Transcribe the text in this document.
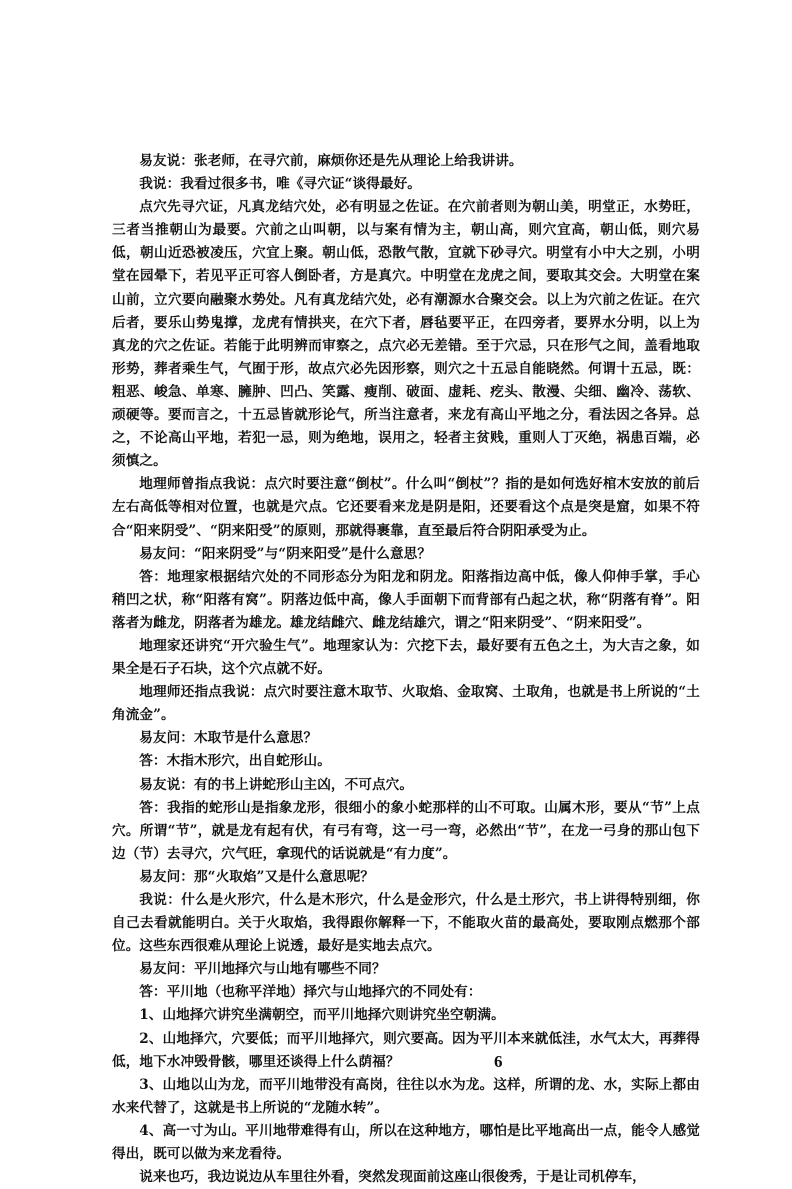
易友说：张老师，在寻穴前，麻烦你还是先从理论上给我讲讲。

我说：我看过很多书，唯《寻穴证“谈得最好。

点穴先寻穴证，凡真龙结穴处，必有明显之佐证。在穴前者则为朝山美，明堂正，水势旺，三者当推朝山为最要。穴前之山叫朝，以与案有情为主，朝山高，则穴宜高，朝山低，则穴易低，朝山近恐被凌压，穴宜上聚。朝山低，恐散气散，宜就下砂寻穴。明堂有小中大之别，小明堂在园晕下，若见平正可容人倒卧者，方是真穴。中明堂在龙虎之间，要取其交会。大明堂在案山前，立穴要向融聚水势处。凡有真龙结穴处，必有潮源水合聚交会。以上为穴前之佐证。在穴后者，要乐山势鬼撑，龙虎有情拱夹，在穴下者，唇毡要平正，在四旁者，要界水分明，以上为真龙的穴之佐证。若能于此明辨而审察之，点穴必无差错。至于穴忌，只在形气之间，盖看地取形势，葬者乘生气，气囿于形，故点穴必先因形察，则穴之十五忌自能晓然。何谓十五忌，既：粗恶、峻急、单寒、臃肿、凹凸、笑露、瘦削、破面、虚耗、疙头、散漫、尖细、幽冷、荡软、顽硬等。要而言之，十五忌皆就形论气，所当注意者，来龙有高山平地之分，看法因之各异。总之，不论高山平地，若犯一忌，则为绝地，误用之，轻者主贫贱，重则人丁灭绝，祸患百端，必须慎之。

地理师曾指点我说：点穴时要注意“倒杖”。什么叫“倒杖”？指的是如何选好棺木安放的前后左右高低等相对位置，也就是穴点。它还要看来龙是阴是阳，还要看这个点是突是窟，如果不符合“阳来阴受”、“阴来阳受”的原则，那就得裹靠，直至最后符合阴阳承受为止。

易友问：“阳来阴受”与“阴来阳受”是什么意思？

答：地理家根据结穴处的不同形态分为阳龙和阴龙。阳落指边高中低，像人仰伸手掌，手心稍凹之状，称“阳落有窝”。阴落边低中高，像人手面朝下而背部有凸起之状，称“阴落有脊”。阳落者为雌龙，阴落者为雄龙。雄龙结雌穴、雌龙结雄穴，谓之“阳来阴受”、“阴来阳受”。

地理家还讲究“开穴验生气”。地理家认为：穴挖下去，最好要有五色之土，为大吉之象，如果全是石子石块，这个穴点就不好。

地理师还指点我说：点穴时要注意木取节、火取焰、金取窝、土取角，也就是书上所说的“土角流金”。

易友问：木取节是什么意思？

答：木指木形穴，出自蛇形山。

易友说：有的书上讲蛇形山主凶，不可点穴。

答：我指的蛇形山是指象龙形，很细小的象小蛇那样的山不可取。山属木形，要从“节”上点穴。所谓“节”，就是龙有起有伏，有弓有弯，这一弓一弯，必然出“节”，在龙一弓身的那山包下边（节）去寻穴，穴气旺，拿现代的话说就是“有力度”。

易友问：那“火取焰”又是什么意思呢？

我说：什么是火形穴，什么是木形穴，什么是金形穴，什么是土形穴，书上讲得特别细，你自己去看就能明白。关于火取焰，我得跟你解释一下，不能取火苗的最高处，要取刚点燃那个部位。这些东西很难从理论上说透，最好是实地去点穴。

易友问：平川地择穴与山地有哪些不同？

答：平川地（也称平洋地）择穴与山地择穴的不同处有：

1、山地择穴讲究坐满朝空，而平川地择穴则讲究坐空朝满。

2、山地择穴，穴要低；而平川地择穴，则穴要高。因为平川本来就低洼，水气太大，再葬得低，地下水冲毁骨骸，哪里还谈得上什么荫福？

3、山地以山为龙，而平川地带没有高岗，往往以水为龙。这样，所谓的龙、水，实际上都由水来代替了，这就是书上所说的“龙随水转”。

4、高一寸为山。平川地带难得有山，所以在这种地方，哪怕是比平地高出一点，能令人感觉得出，既可以做为来龙看待。

说来也巧，我边说边从车里往外看，突然发现面前这座山很俊秀，于是让司机停车，

6
